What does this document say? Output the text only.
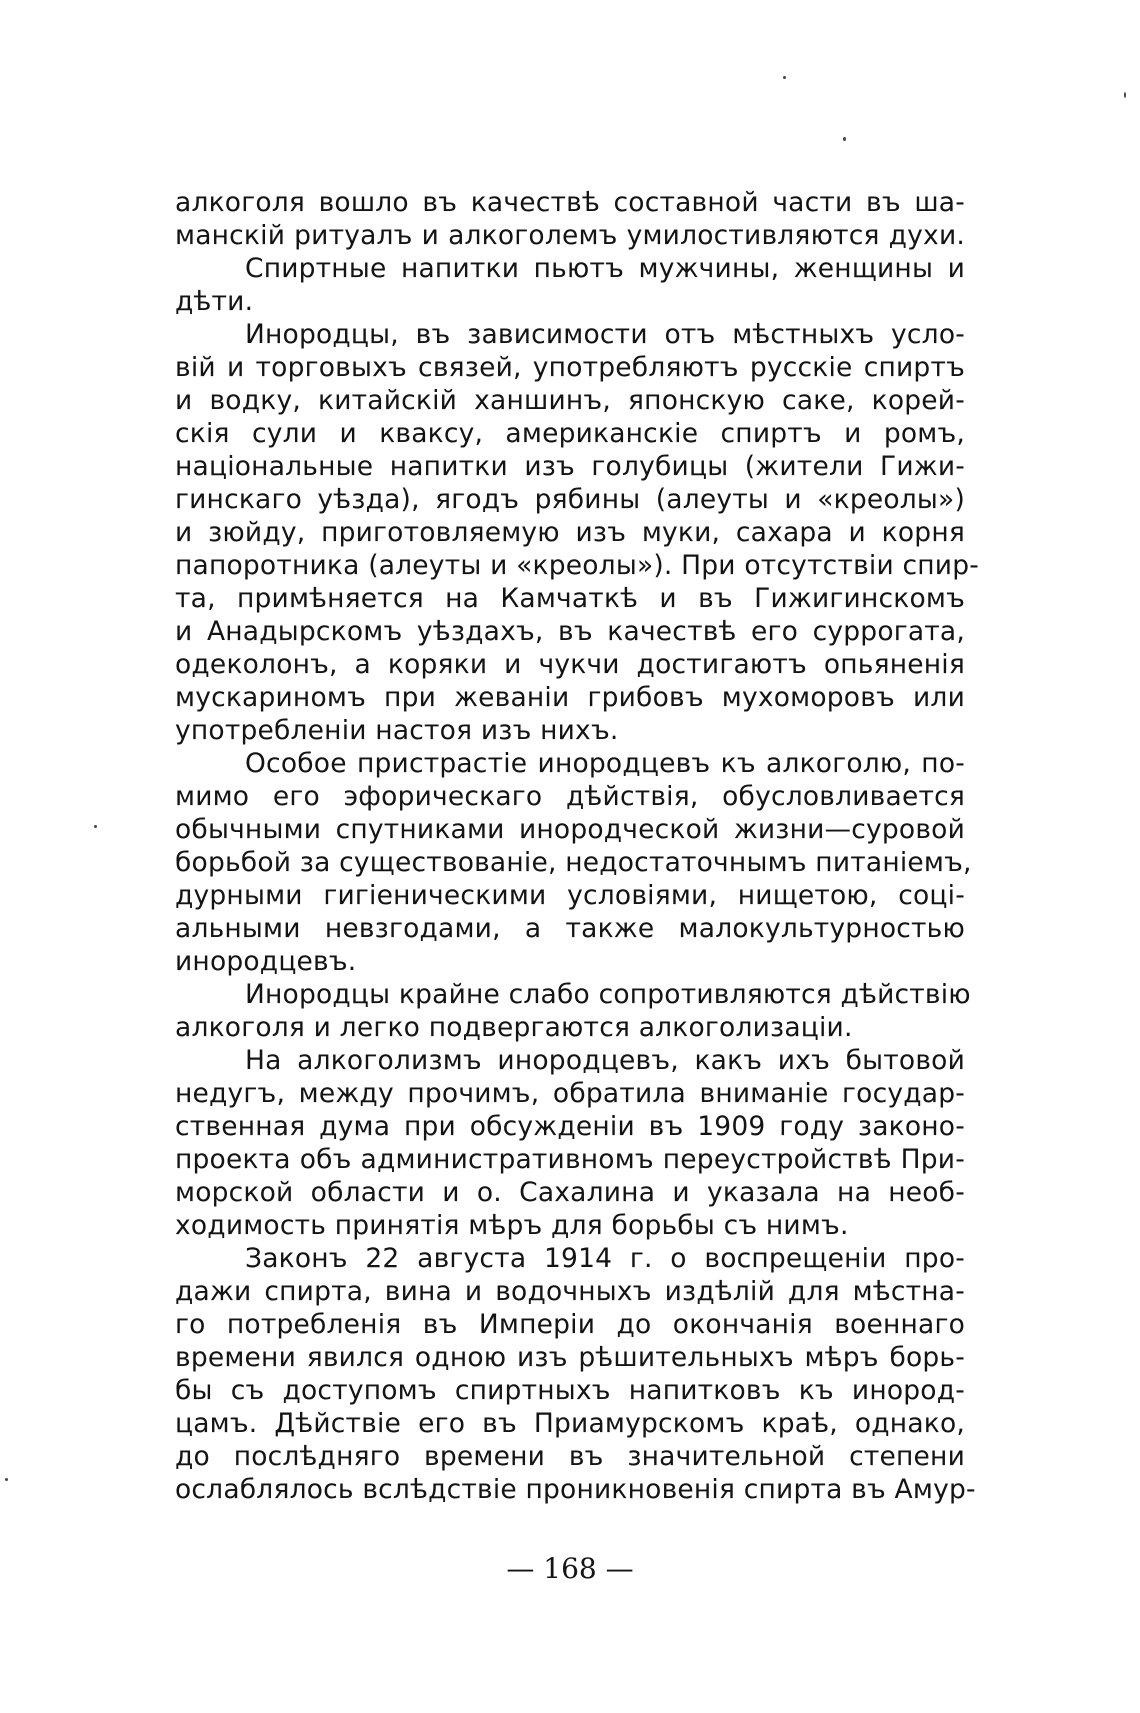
алкоголя вошло въ качествѣ составной части въ ша-
манскій ритуалъ и алкоголемъ умилостивляются духи.
Спиртные напитки пьютъ мужчины, женщины и
дѣти.
Инородцы, въ зависимости отъ мѣстныхъ усло-
вій и торговыхъ связей, употребляютъ русскіе спиртъ
и водку, китайскій ханшинъ, японскую саке, корей-
скія сули и кваксу, американскіе спиртъ и ромъ,
національные напитки изъ голубицы (жители Гижи-
гинскаго уѣзда), ягодъ рябины (алеуты и «креолы»)
и зюйду, приготовляемую изъ муки, сахара и корня
папоротника (алеуты и «креолы»). При отсутствіи спир-
та, примѣняется на Камчаткѣ и въ Гижигинскомъ
и Анадырскомъ уѣздахъ, въ качествѣ его суррогата,
одеколонъ, а коряки и чукчи достигаютъ опьяненія
мускариномъ при жеваніи грибовъ мухоморовъ или
употребленіи настоя изъ нихъ.
Особое пристрастіе инородцевъ къ алкоголю, по-
мимо его эфорическаго дѣйствія, обусловливается
обычными спутниками инородческой жизни—суровой
борьбой за существованіе, недостаточнымъ питаніемъ,
дурными гигіеническими условіями, нищетою, соці-
альными невзгодами, а также малокультурностью
инородцевъ.
Инородцы крайне слабо сопротивляются дѣйствію
алкоголя и легко подвергаются алкоголизаціи.
На алкоголизмъ инородцевъ, какъ ихъ бытовой
недугъ, между прочимъ, обратила вниманіе государ-
ственная дума при обсужденіи въ 1909 году законо-
проекта объ административномъ переустройствѣ При-
морской области и о. Сахалина и указала на необ-
ходимость принятія мѣръ для борьбы съ нимъ.
Законъ 22 августа 1914 г. о воспрещеніи про-
дажи спирта, вина и водочныхъ издѣлій для мѣстна-
го потребленія въ Имперіи до окончанія военнаго
времени явился одною изъ рѣшительныхъ мѣръ борь-
бы съ доступомъ спиртныхъ напитковъ къ инород-
цамъ. Дѣйствіе его въ Приамурскомъ краѣ, однако,
до послѣдняго времени въ значительной степени
ослаблялось вслѣдствіе проникновенія спирта въ Амур-
— 168 —
